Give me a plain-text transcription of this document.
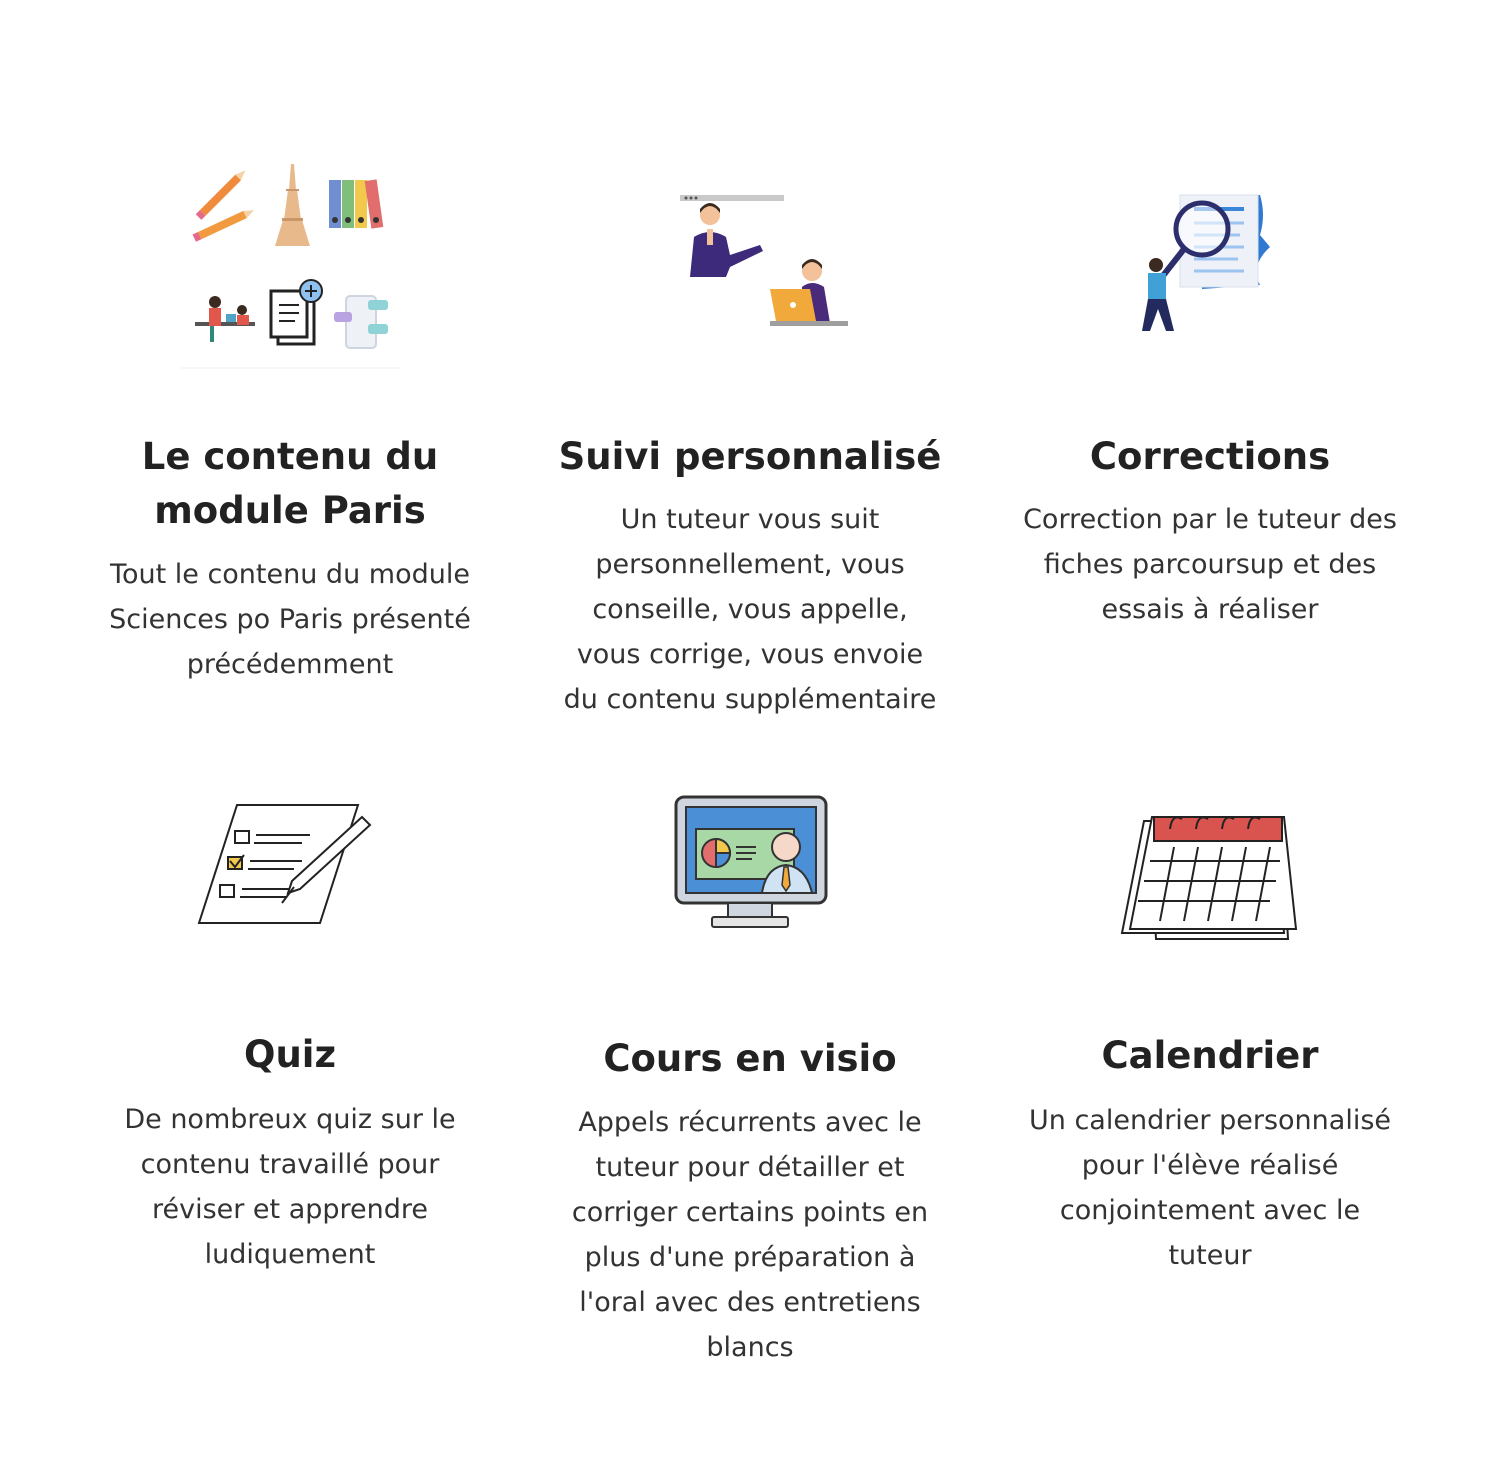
Le contenu du
module Paris

Tout le contenu du module
Sciences po Paris présenté
précédemment

Suivi personnalisé

Un tuteur vous suit
personnellement, vous
conseille, vous appelle,
vous corrige, vous envoie
du contenu supplémentaire

Corrections

Correction par le tuteur des
fiches parcoursup et des
essais à réaliser

Quiz

De nombreux quiz sur le
contenu travaillé pour
réviser et apprendre
ludiquement

Cours en visio

Appels récurrents avec le
tuteur pour détailler et
corriger certains points en
plus d'une préparation à
l'oral avec des entretiens
blancs

Calendrier

Un calendrier personnalisé
pour l'élève réalisé
conjointement avec le
tuteur
